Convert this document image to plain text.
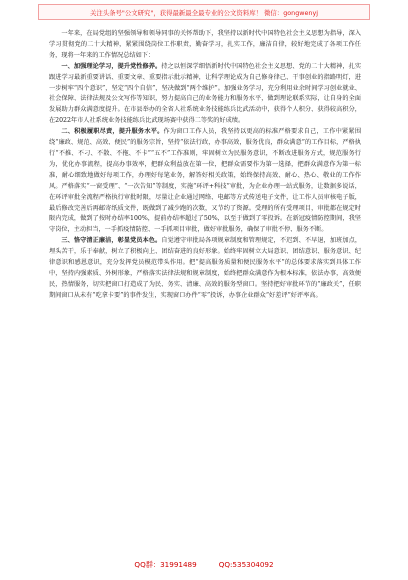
关注头条号"公文研究"，获得最新最全最专业的公文资料库！ 微信：gongwenyj

一年来，在局党组的坚强领导和领导同事的关怀帮助下，我坚持以新时代中国特色社会主义思想为指导，深入学习贯彻党的二十大精神，紧紧围绕岗位工作职责，勤奋学习，扎实工作，廉洁自律，较好地完成了各项工作任务，现将一年来的工作情况总结如下：

一、加强理论学习，提升党性修养。持之以恒深学细悟新时代中国特色社会主义思想、党的二十大精神，扎实跟进学习最新重要讲话、重要文章、重要指示批示精神，让科学理论成为自己修身律己、干事创业的指路明灯，进一步树牢“四个意识”，坚定“四个自信”，坚决做到“两个维护”。加强业务学习，充分利用业余时间学习创业就业、社会保障、法律法规及公文写作等知识，努力提高自己的业务能力和服务水平，做到理论联系实际，让自身的全面发展助力群众满意度提升。在市县举办的全省人社系统业务技能练兵比武活动中，获得个人积分、获得较高积分，在2022年市人社系统业务技能练兵比武现场赛中获得二等奖的好成绩。

二、积极履职尽责，提升服务水平。作为窗口工作人员，我坚持以更高的标准严格要求自己，工作中紧紧围绕“廉政、规范、高效、便民”的服务宗旨，坚持“依法行政，办事高效，服务优良，群众满意”的工作目标，严格执行“不推、不刁、不散、不拖、不卡”“五不”工作准则，牢固树立为民服务意识，不断改进服务方式，规范服务行为，优化办事流程，提高办事效率，把群众利益放在第一位，把群众需要作为第一选择，把群众满意作为第一标准，耐心细致地做好每项工作，办理好每笔业务，解答好相关政策，始终保持高效、耐心、热心、敬业的工作作风。严格落实“一窗受理”、“一次告知”等制度，实施“环评+科技”审批，为企业办理一站式服务，让数据多说话，在环评审批全流程严格执行审批时限，尽量让企业通过网络、电邮等方式传送电子文件，让工作人员审核电子版，最后修改完善后再邮寄纸质文件，既做到了减少跑的次数，又节约了资源。受理的所有受理项目，审批都在规定时限内完成，做到了按时办结率100%，提前办结率超过了50%，以至于做到了零投诉。在新冠疫情防控期间，我坚守岗位，主动担当，一手抓疫情防控、一手抓项目审批，做好审批服务，确保了审批不停、服务不断。

三、恪守清正廉洁，彰显党员本色。自觉遵守审批局各项规章制度和管理规定，不迟到、不早退，加班加点，埋头苦干，乐于奉献，树立了积极向上、团结奋进的良好形象。始终牢固树立大局意识、团结意识、服务意识、纪律意识和感恩意识，充分发挥党员模范带头作用。把“提高服务质量和便民服务水平”的总体要求落实到具体工作中，坚持内强素质、外树形象，严格落实法律法规和规章制度，始终把群众满意作为根本标准，依法办事，高效便民，热情服务，切实把窗口打造成了为民、务实、清廉、高效的服务型窗口。坚持把好审批环节的“廉政关”，任职期间窗口从未有“吃拿卡要”的事件发生，实现窗口办件“零”投诉，办事企业群众“好差评”好评率高。

QQ群：31991489	QQ:535304092
